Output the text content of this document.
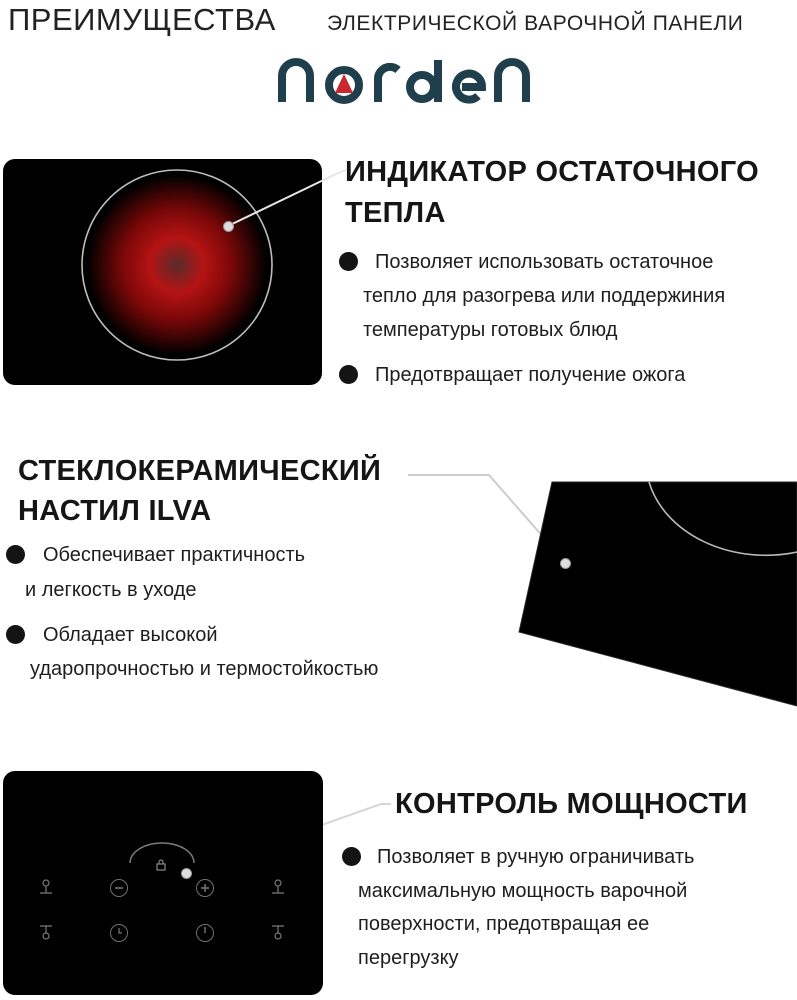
ПРЕИМУЩЕСТВА ЭЛЕКТРИЧЕСКОЙ ВАРОЧНОЙ ПАНЕЛИ
ИНДИКАТОР ОСТАТОЧНОГО
ТЕПЛА
Позволяет использовать остаточное
тепло для разогрева или поддержиния
температуры готовых блюд
Предотвращает получение ожога
СТЕКЛОКЕРАМИЧЕСКИЙ
НАСТИЛ ILVA
Обеспечивает практичность
и легкость в уходе
Обладает высокой
ударопрочностью и термостойкостью
КОНТРОЛЬ МОЩНОСТИ
Позволяет в ручную ограничивать
максимальную мощность варочной
поверхности, предотвращая ее
перегрузку
